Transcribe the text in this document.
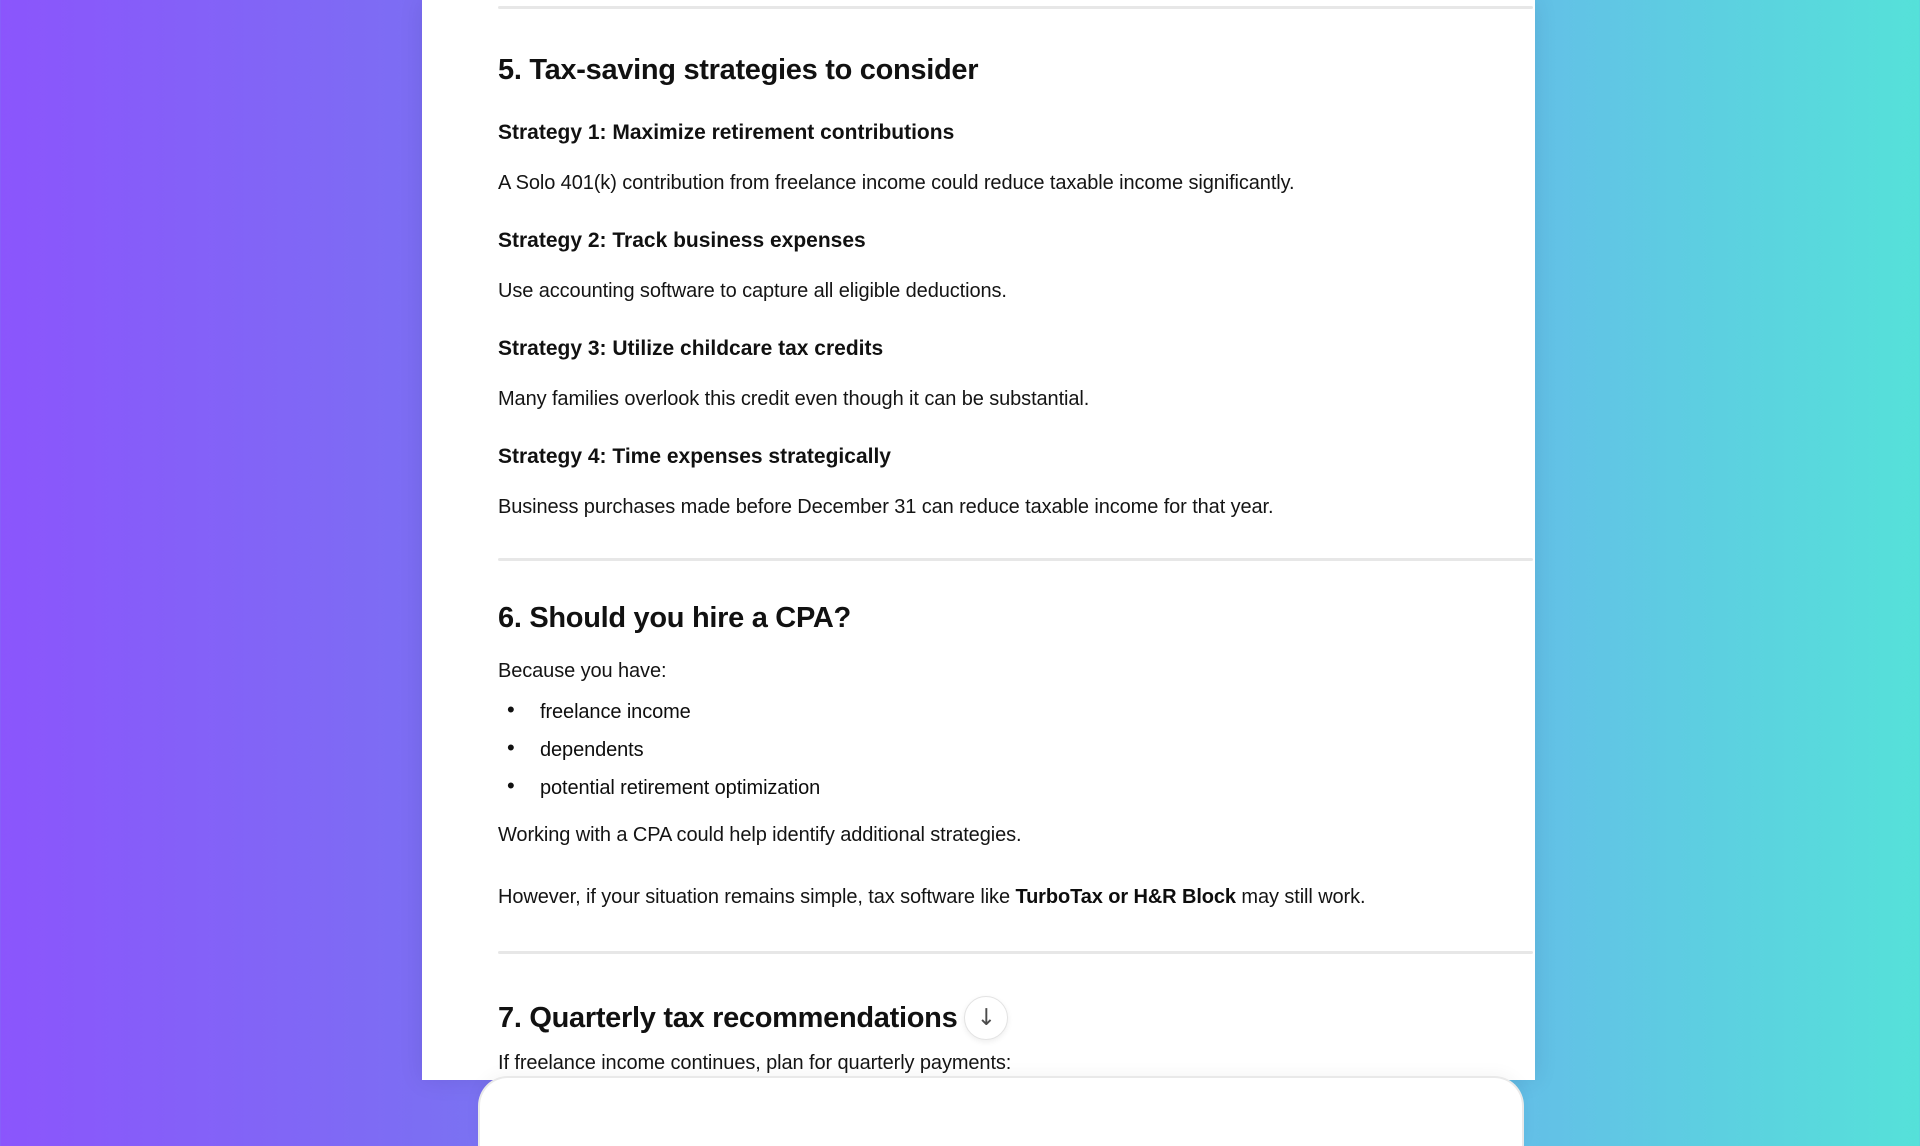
5. Tax-saving strategies to consider
Strategy 1: Maximize retirement contributions

A Solo 401(k) contribution from freelance income could reduce taxable income significantly.

Strategy 2: Track business expenses

Use accounting software to capture all eligible deductions.

Strategy 3: Utilize childcare tax credits

Many families overlook this credit even though it can be substantial.

Strategy 4: Time expenses strategically

Business purchases made before December 31 can reduce taxable income for that year.

6. Should you hire a CPA?

Because you have:

• freelance income
• dependents
• potential retirement optimization

Working with a CPA could help identify additional strategies.

However, if your situation remains simple, tax software like TurboTax or H&R Block may still work.

7. Quarterly tax recommendations ↓

If freelance income continues, plan for quarterly payments:
